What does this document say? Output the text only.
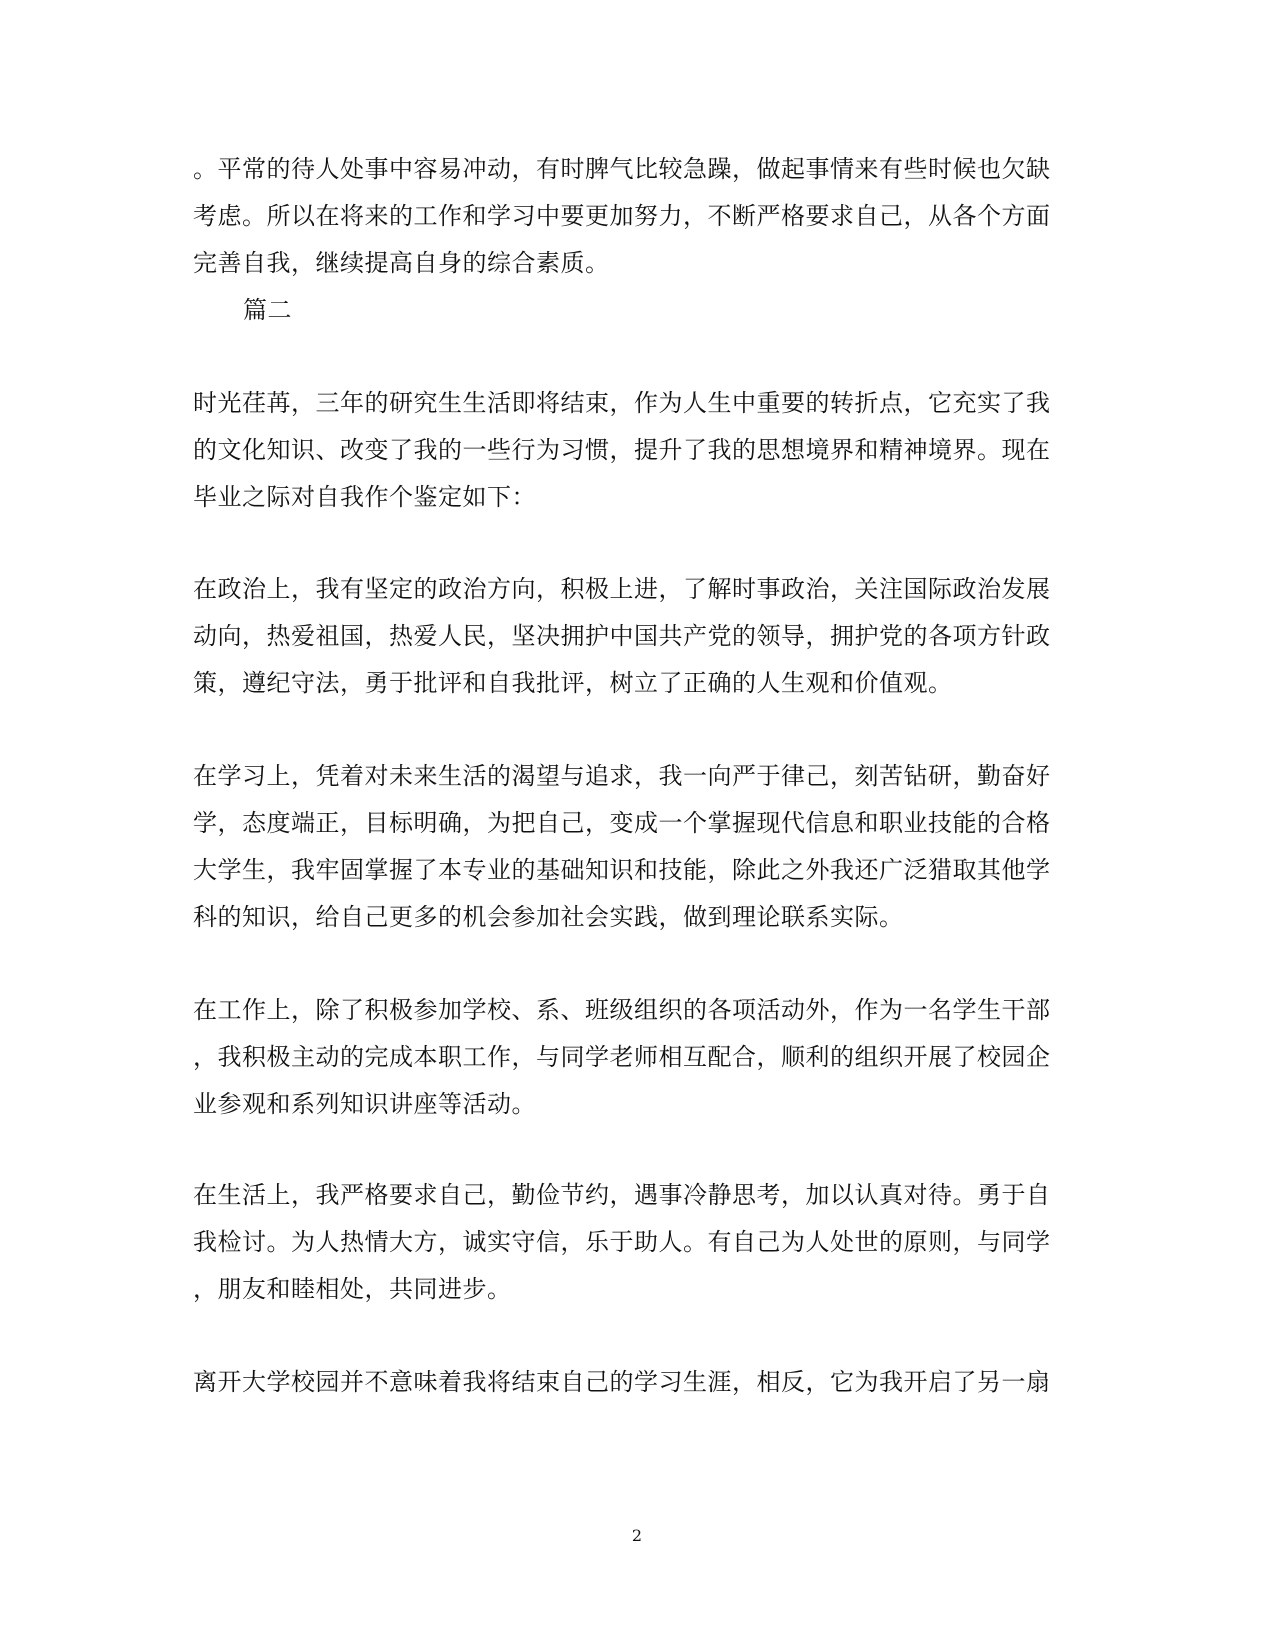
。平常的待人处事中容易冲动，有时脾气比较急躁，做起事情来有些时候也欠缺
考虑。所以在将来的工作和学习中要更加努力，不断严格要求自己，从各个方面
完善自我，继续提高自身的综合素质。
篇二
时光荏苒，三年的研究生生活即将结束，作为人生中重要的转折点，它充实了我
的文化知识、改变了我的一些行为习惯，提升了我的思想境界和精神境界。现在
毕业之际对自我作个鉴定如下：
在政治上，我有坚定的政治方向，积极上进，了解时事政治，关注国际政治发展
动向，热爱祖国，热爱人民，坚决拥护中国共产党的领导，拥护党的各项方针政
策，遵纪守法，勇于批评和自我批评，树立了正确的人生观和价值观。
在学习上，凭着对未来生活的渴望与追求，我一向严于律己，刻苦钻研，勤奋好
学，态度端正，目标明确，为把自己，变成一个掌握现代信息和职业技能的合格
大学生，我牢固掌握了本专业的基础知识和技能，除此之外我还广泛猎取其他学
科的知识，给自己更多的机会参加社会实践，做到理论联系实际。
在工作上，除了积极参加学校、系、班级组织的各项活动外，作为一名学生干部
，我积极主动的完成本职工作，与同学老师相互配合，顺利的组织开展了校园企
业参观和系列知识讲座等活动。
在生活上，我严格要求自己，勤俭节约，遇事冷静思考，加以认真对待。勇于自
我检讨。为人热情大方，诚实守信，乐于助人。有自己为人处世的原则，与同学
，朋友和睦相处，共同进步。
离开大学校园并不意味着我将结束自己的学习生涯，相反，它为我开启了另一扇
2
